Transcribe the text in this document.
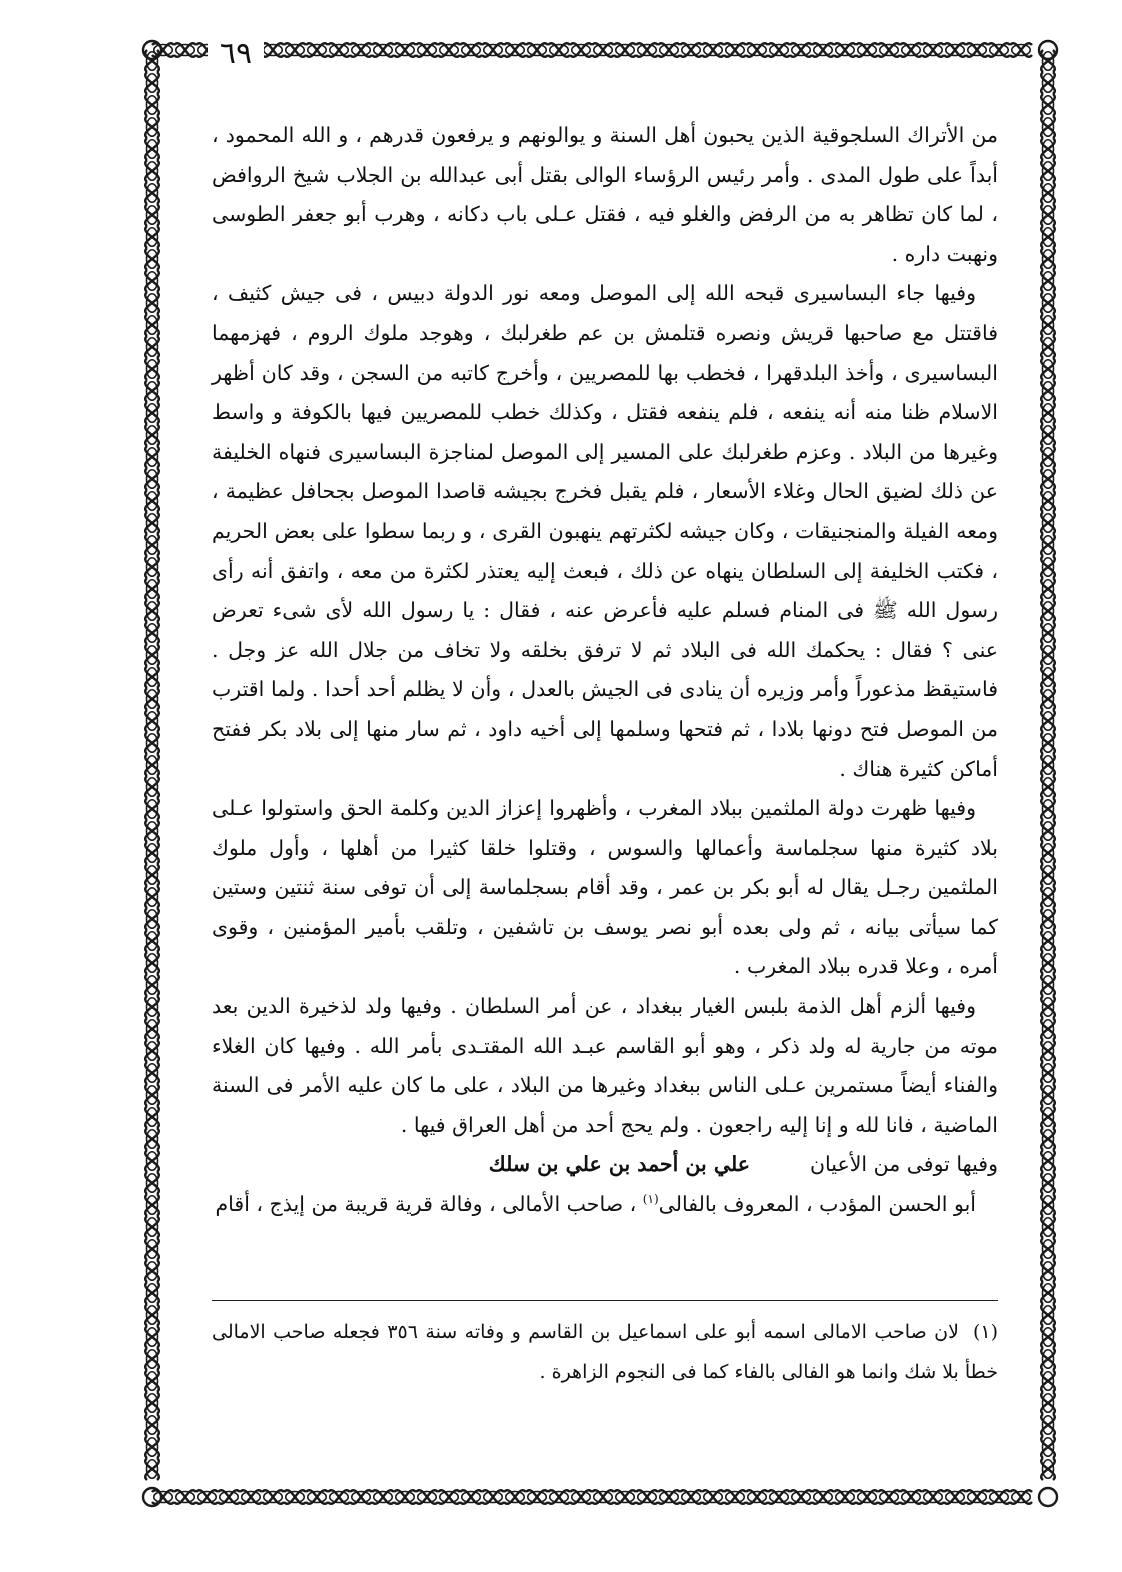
٦٩

من الأتراك السلجوقية الذين يحبون أهل السنة و يوالونهم و يرفعون قدرهم ، و الله المحمود ، أبداً على طول المدى . وأمر رئيس الرؤساء الوالى بقتل أبى عبدالله بن الجلاب شيخ الروافض ، لما كان تظاهر به من الرفض والغلو فيه ، فقتل عـلى باب دكانه ، وهرب أبو جعفر الطوسى ونهبت داره .

وفيها جاء البساسيرى قبحه الله إلى الموصل ومعه نور الدولة دبيس ، فى جيش كثيف ، فاقتتل مع صاحبها قريش ونصره قتلمش بن عم طغرلبك ، وهوجد ملوك الروم ، فهزمهما البساسيرى ، وأخذ البلدقهرا ، فخطب بها للمصريين ، وأخرج كاتبه من السجن ، وقد كان أظهر الاسلام ظنا منه أنه ينفعه ، فلم ينفعه فقتل ، وكذلك خطب للمصريين فيها بالكوفة و واسط وغيرها من البلاد . وعزم طغرلبك على المسير إلى الموصل لمناجزة البساسيرى فنهاه الخليفة عن ذلك لضيق الحال وغلاء الأسعار ، فلم يقبل فخرج بجيشه قاصدا الموصل بجحافل عظيمة ، ومعه الفيلة والمنجنيقات ، وكان جيشه لكثرتهم ينهبون القرى ، و ربما سطوا على بعض الحريم ، فكتب الخليفة إلى السلطان ينهاه عن ذلك ، فبعث إليه يعتذر لكثرة من معه ، واتفق أنه رأى رسول الله ﷺ فى المنام فسلم عليه فأعرض عنه ، فقال : يا رسول الله لأى شىء تعرض عنى ؟ فقال : يحكمك الله فى البلاد ثم لا ترفق بخلقه ولا تخاف من جلال الله عز وجل . فاستيقظ مذعوراً وأمر وزيره أن ينادى فى الجيش بالعدل ، وأن لا يظلم أحد أحدا . ولما اقترب من الموصل فتح دونها بلادا ، ثم فتحها وسلمها إلى أخيه داود ، ثم سار منها إلى بلاد بكر ففتح أماكن كثيرة هناك .

وفيها ظهرت دولة الملثمين ببلاد المغرب ، وأظهروا إعزاز الدين وكلمة الحق واستولوا عـلى بلاد كثيرة منها سجلماسة وأعمالها والسوس ، وقتلوا خلقا كثيرا من أهلها ، وأول ملوك الملثمين رجـل يقال له أبو بكر بن عمر ، وقد أقام بسجلماسة إلى أن توفى سنة ثنتين وستين كما سيأتى بيانه ، ثم ولى بعده أبو نصر يوسف بن تاشفين ، وتلقب بأمير المؤمنين ، وقوى أمره ، وعلا قدره ببلاد المغرب .

وفيها ألزم أهل الذمة بلبس الغيار ببغداد ، عن أمر السلطان . وفيها ولد لذخيرة الدين بعد موته من جارية له ولد ذكر ، وهو أبو القاسم عبـد الله المقتـدى بأمر الله . وفيها كان الغلاء والفناء أيضاً مستمرين عـلى الناس ببغداد وغيرها من البلاد ، على ما كان عليه الأمر فى السنة الماضية ، فانا لله و إنا إليه راجعون . ولم يحج أحد من أهل العراق فيها .

وفيها توفى من الأعيان
علي بن أحمد بن علي بن سلك

أبو الحسن المؤدب ، المعروف بالفالى$^{(١)}$ ، صاحب الأمالى ، وفالة قرية قريبة من إيذج ، أقام

(١)لان صاحب الامالى اسمه أبو على اسماعيل بن القاسم و وفاته سنة ٣٥٦ فجعله صاحب الامالى خطأ بلا شك وانما هو الفالى بالفاء كما فى النجوم الزاهرة .
